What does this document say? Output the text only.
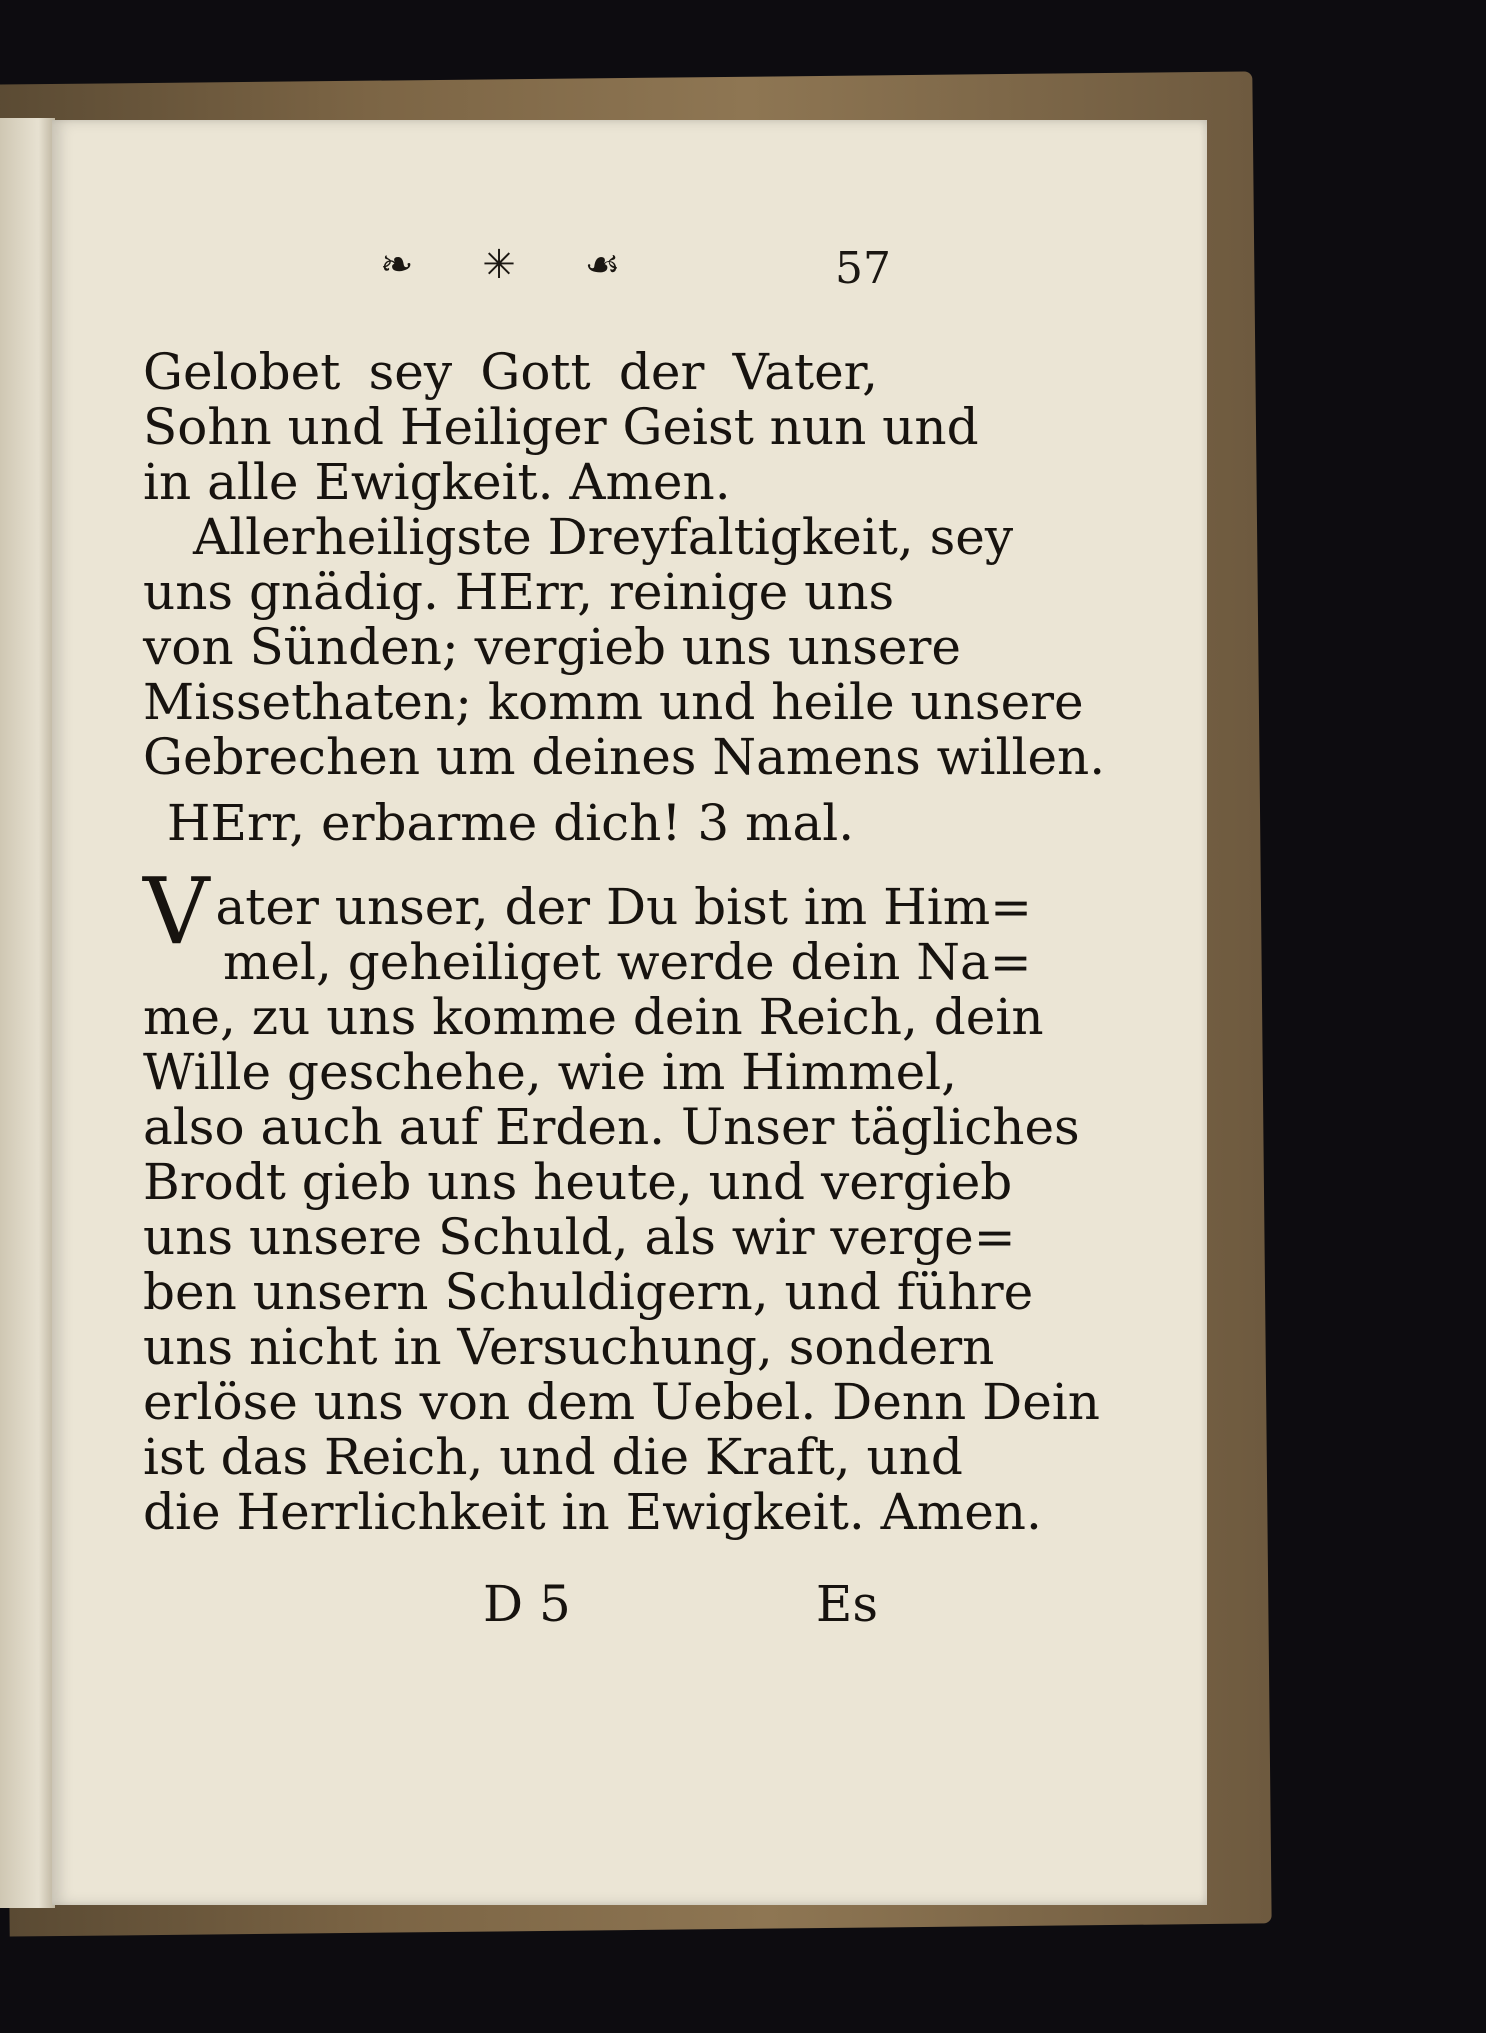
❧ ✳ ☙	57
Gelobet sey Gott der Vater,
Sohn und Heiliger Geist nun und
in alle Ewigkeit. Amen.
Allerheiligste Dreyfaltigkeit, sey
uns gnädig. HErr, reinige uns
von Sünden; vergieb uns unsere
Missethaten; komm und heile unsere
Gebrechen um deines Namens willen.
HErr, erbarme dich! 3 mal.
Vater unser, der Du bist im Him=
mel, geheiliget werde dein Na=
me, zu uns komme dein Reich, dein
Wille geschehe, wie im Himmel,
also auch auf Erden. Unser tägliches
Brodt gieb uns heute, und vergieb
uns unsere Schuld, als wir verge=
ben unsern Schuldigern, und führe
uns nicht in Versuchung, sondern
erlöse uns von dem Uebel. Denn Dein
ist das Reich, und die Kraft, und
die Herrlichkeit in Ewigkeit. Amen.
D 5	Es
